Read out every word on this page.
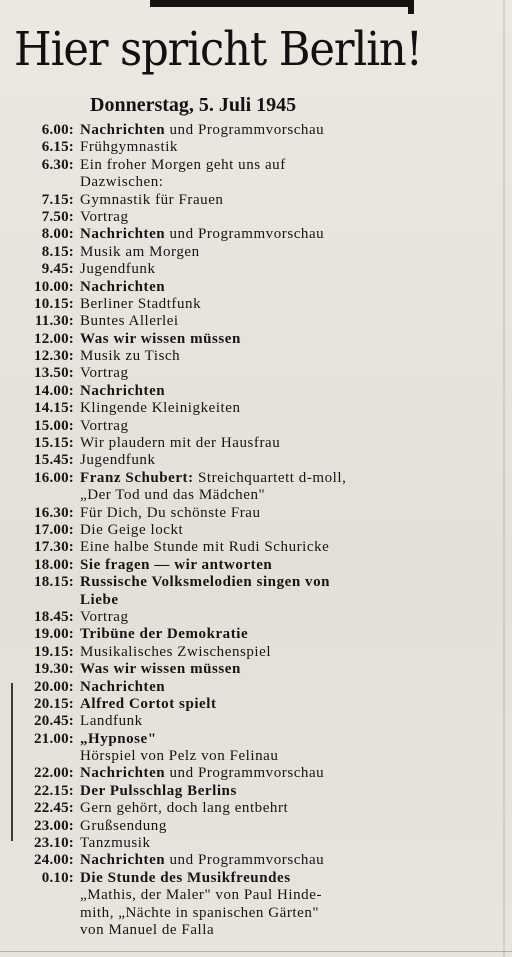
Hier spricht Berlin!
Donnerstag, 5. Juli 1945
6.00: Nachrichten und Programmvorschau
6.15: Frühgymnastik
6.30: Ein froher Morgen geht uns auf
Dazwischen:
7.15: Gymnastik für Frauen
7.50: Vortrag
8.00: Nachrichten und Programmvorschau
8.15: Musik am Morgen
9.45: Jugendfunk
10.00: Nachrichten
10.15: Berliner Stadtfunk
11.30: Buntes Allerlei
12.00: Was wir wissen müssen
12.30: Musik zu Tisch
13.50: Vortrag
14.00: Nachrichten
14.15: Klingende Kleinigkeiten
15.00: Vortrag
15.15: Wir plaudern mit der Hausfrau
15.45: Jugendfunk
16.00: Franz Schubert: Streichquartett d-moll,
„Der Tod und das Mädchen"
16.30: Für Dich, Du schönste Frau
17.00: Die Geige lockt
17.30: Eine halbe Stunde mit Rudi Schuricke
18.00: Sie fragen — wir antworten
18.15: Russische Volksmelodien singen von
Liebe
18.45: Vortrag
19.00: Tribüne der Demokratie
19.15: Musikalisches Zwischenspiel
19.30: Was wir wissen müssen
20.00: Nachrichten
20.15: Alfred Cortot spielt
20.45: Landfunk
21.00: „Hypnose"
Hörspiel von Pelz von Felinau
22.00: Nachrichten und Programmvorschau
22.15: Der Pulsschlag Berlins
22.45: Gern gehört, doch lang entbehrt
23.00: Grußsendung
23.10: Tanzmusik
24.00: Nachrichten und Programmvorschau
0.10: Die Stunde des Musikfreundes
„Mathis, der Maler" von Paul Hinde-
mith, „Nächte in spanischen Gärten"
von Manuel de Falla
